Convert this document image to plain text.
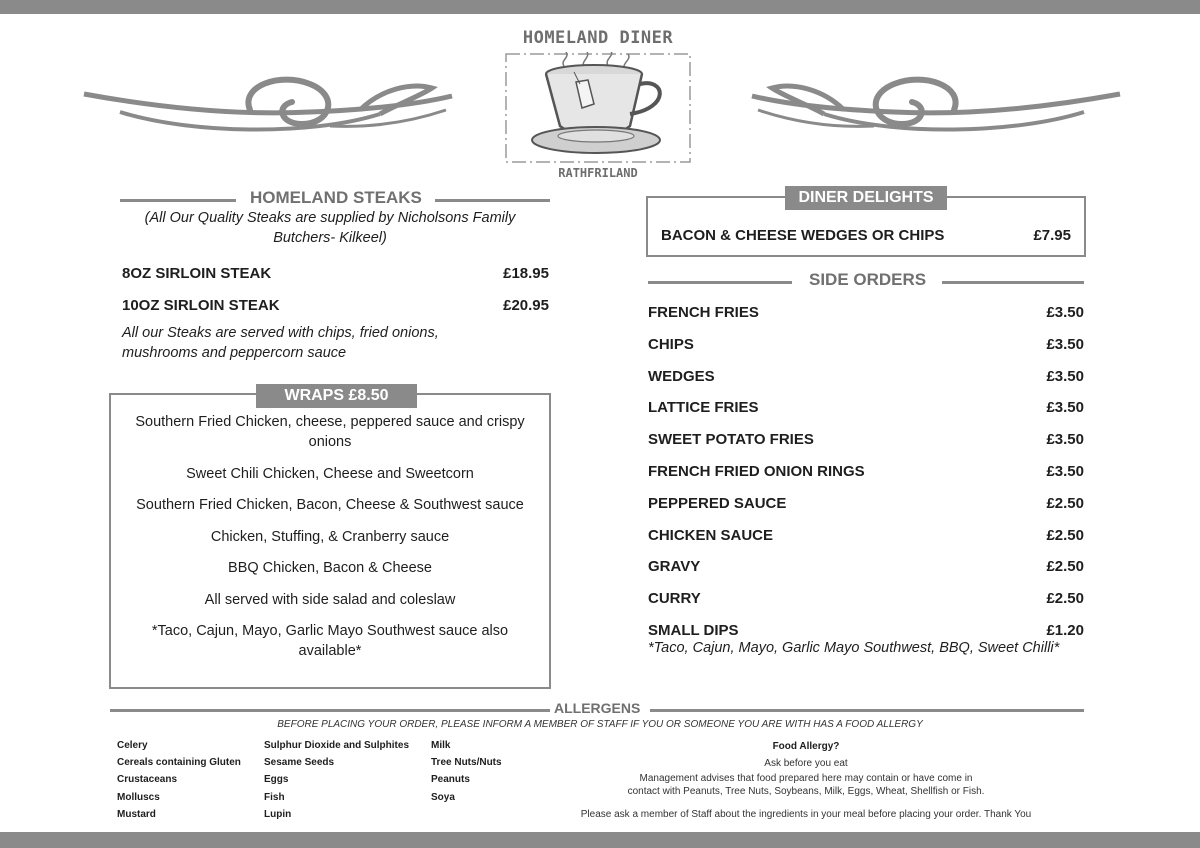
HOMELAND DINER
RATHFRILAND
HOMELAND STEAKS
(All Our Quality Steaks are supplied by Nicholsons Family
Butchers- Kilkeel)
8OZ SIRLOIN STEAK	£18.95
10OZ SIRLOIN STEAK	£20.95
All our Steaks are served with chips, fried onions,
mushrooms and peppercorn sauce
WRAPS £8.50
Southern Fried Chicken, cheese, peppered sauce and crispy onions
Sweet Chili Chicken, Cheese and Sweetcorn
Southern Fried Chicken, Bacon, Cheese & Southwest sauce
Chicken, Stuffing, & Cranberry sauce
BBQ Chicken, Bacon & Cheese
All served with side salad and coleslaw
*Taco, Cajun, Mayo, Garlic Mayo Southwest sauce also available*
DINER DELIGHTS
BACON & CHEESE WEDGES OR CHIPS	£7.95
SIDE ORDERS
FRENCH FRIES	£3.50
CHIPS	£3.50
WEDGES	£3.50
LATTICE FRIES	£3.50
SWEET POTATO FRIES	£3.50
FRENCH FRIED ONION RINGS	£3.50
PEPPERED SAUCE	£2.50
CHICKEN SAUCE	£2.50
GRAVY	£2.50
CURRY	£2.50
SMALL DIPS	£1.20
*Taco, Cajun, Mayo, Garlic Mayo Southwest, BBQ, Sweet Chilli*
ALLERGENS
BEFORE PLACING YOUR ORDER, PLEASE INFORM A MEMBER OF STAFF IF YOU OR SOMEONE YOU ARE WITH HAS A FOOD ALLERGY
Celery
Cereals containing Gluten
Crustaceans
Molluscs
Mustard
Sulphur Dioxide and Sulphites
Sesame Seeds
Eggs
Fish
Lupin
Milk
Tree Nuts/Nuts
Peanuts
Soya
Food Allergy?
Ask before you eat
Management advises that food prepared here may contain or have come in
contact with Peanuts, Tree Nuts, Soybeans, Milk, Eggs, Wheat, Shellfish or Fish.
Please ask a member of Staff about the ingredients in your meal before placing your order. Thank You
